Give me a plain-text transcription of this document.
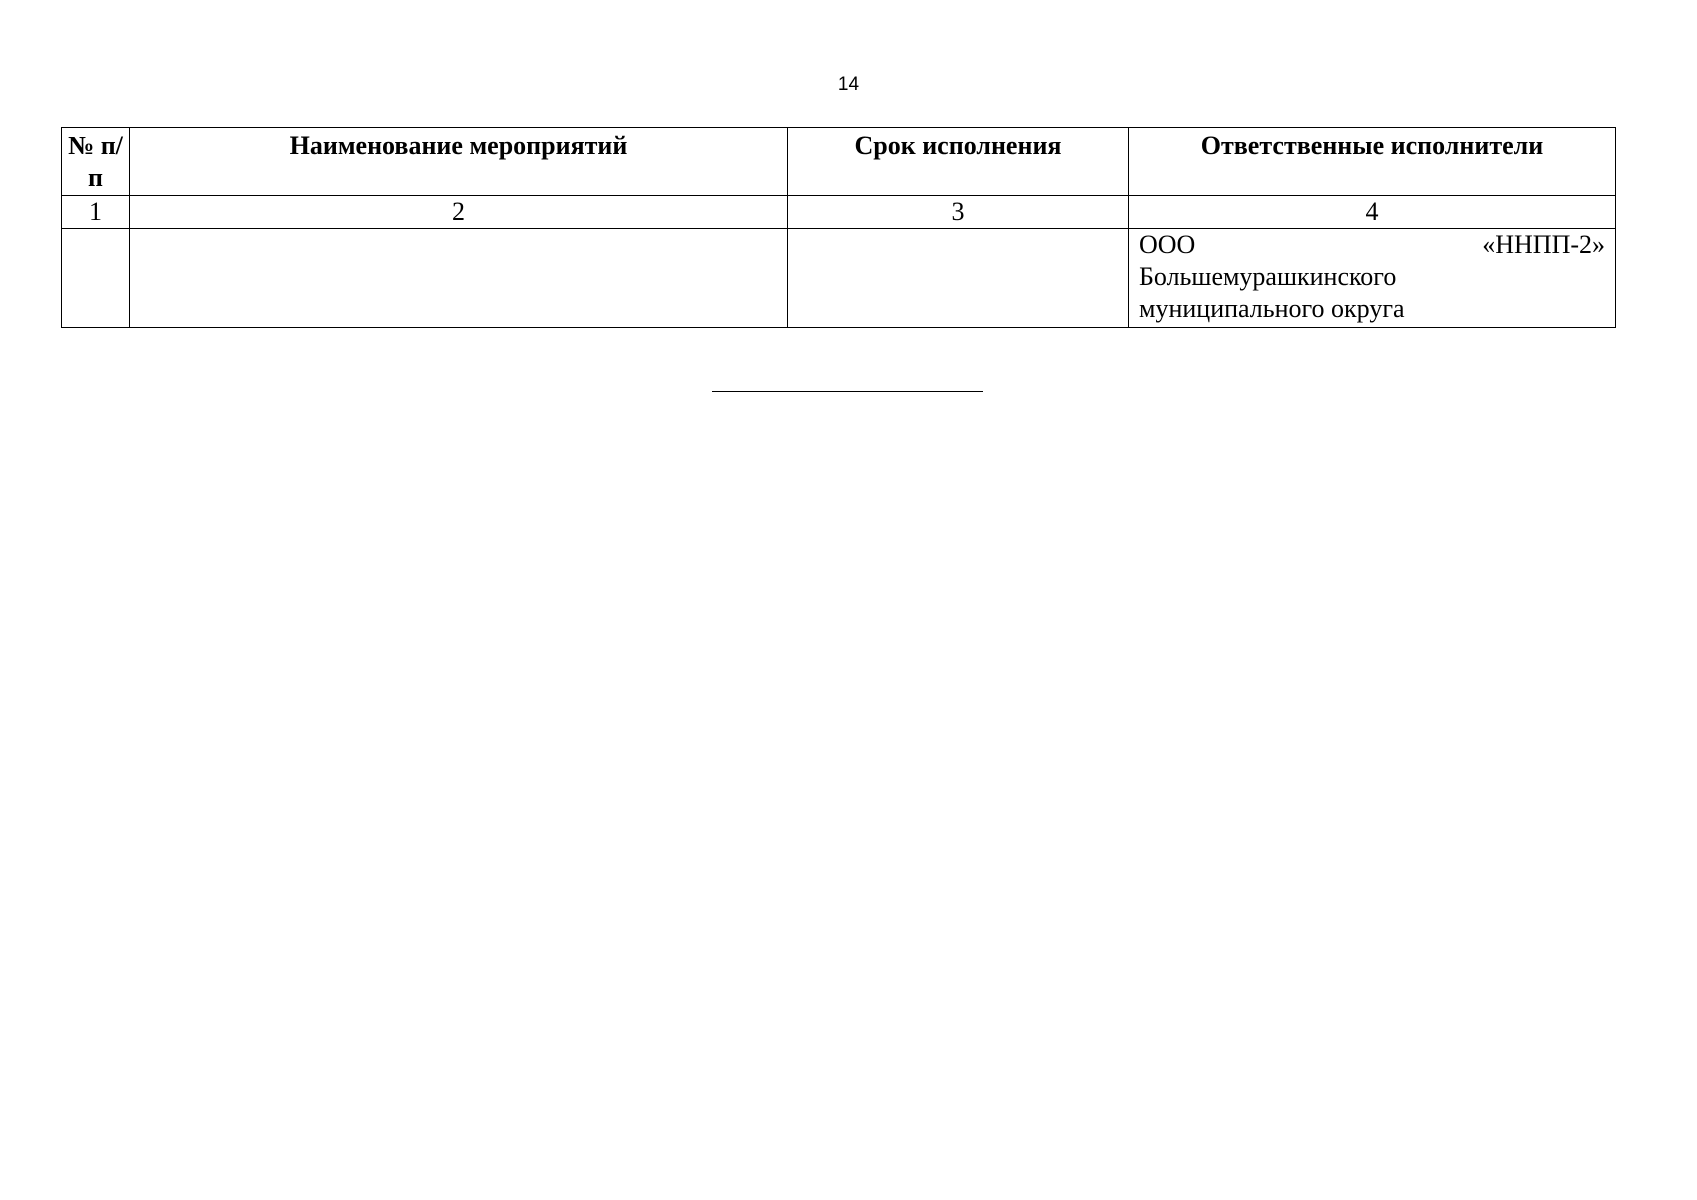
14
№ п/п	Наименование мероприятий	Срок исполнения	Ответственные исполнители
1	2	3	4

			ООО «ННПП-2»
Большемурашкинского
муниципального округа
